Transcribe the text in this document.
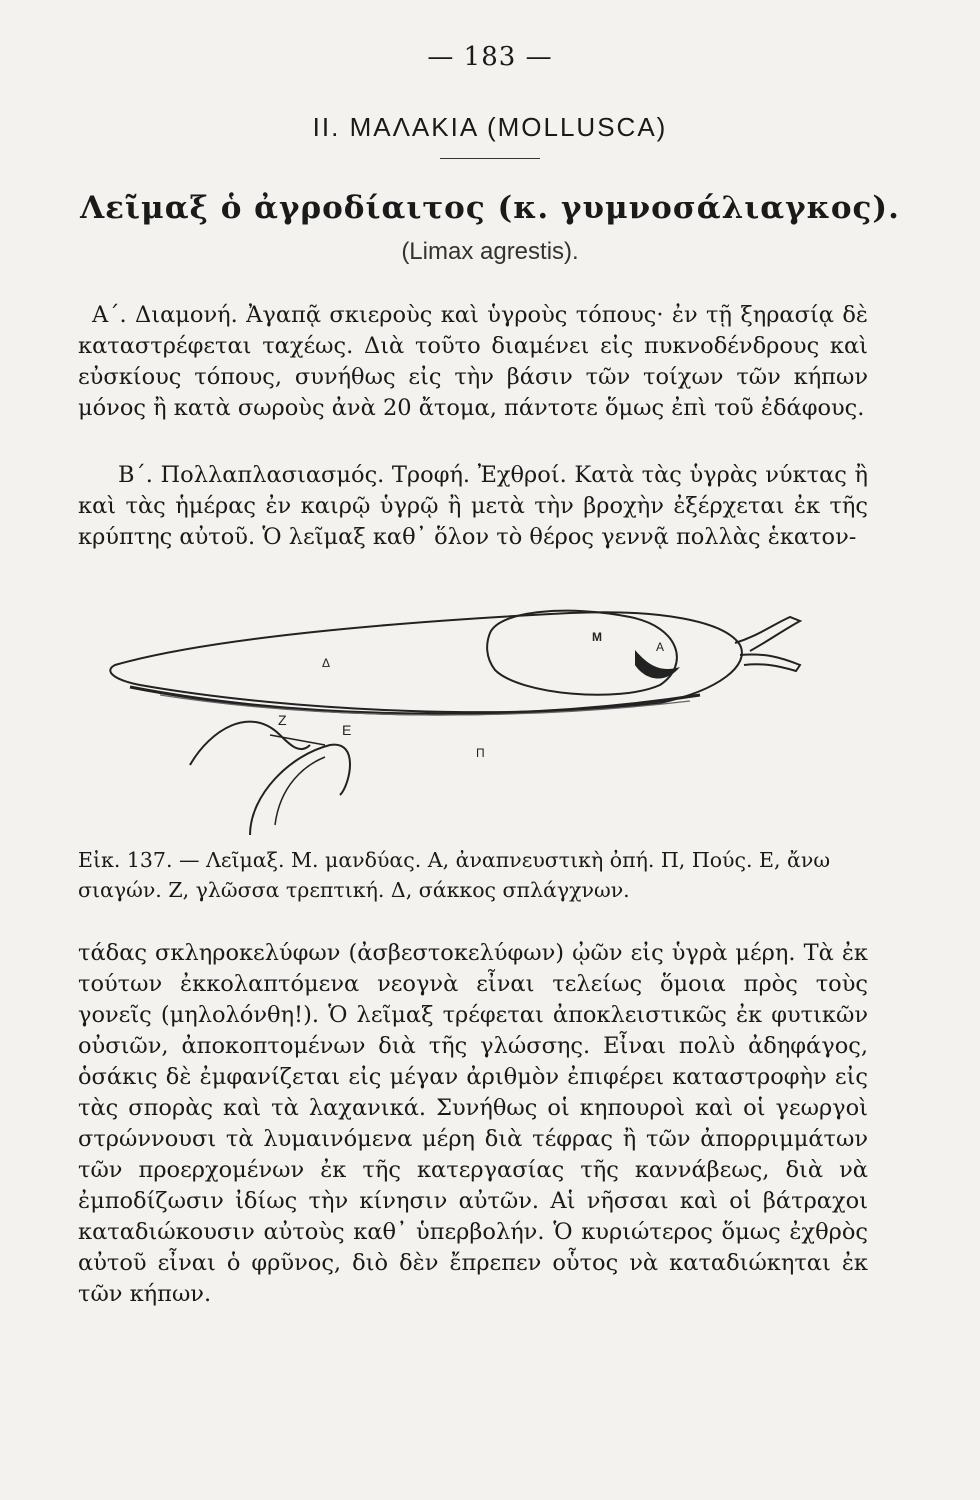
— 183 —
II. ΜΑΛΑΚΙΑ (MOLLUSCA)
Λεῖμαξ ὁ ἀγροδίαιτος (κ. γυμνοσάλιαγκος).
(Limax agrestis).
Α΄. Διαμονή. Ἀγαπᾷ σκιεροὺς καὶ ὑγροὺς τόπους· ἐν τῇ ξηρασίᾳ δὲ καταστρέφεται ταχέως. Διὰ τοῦτο διαμένει εἰς πυκνοδένδρους καὶ εὐσκίους τόπους, συνήθως εἰς τὴν βάσιν τῶν τοίχων τῶν κήπων μόνος ἢ κατὰ σωροὺς ἀνὰ 20 ἄτομα, πάντοτε ὅμως ἐπὶ τοῦ ἐδάφους.
Β΄. Πολλαπλασιασμός. Τροφή. Ἐχθροί. Κατὰ τὰς ὑγρὰς νύκτας ἢ καὶ τὰς ἡμέρας ἐν καιρῷ ὑγρῷ ἢ μετὰ τὴν βροχὴν ἐξέρχεται ἐκ τῆς κρύπτης αὐτοῦ. Ὁ λεῖμαξ καθ᾿ ὅλον τὸ θέρος γεννᾷ πολλὰς ἑκατον-
Δ
Μ
Α
Ζ
Ε
Π
Εἰκ. 137. — Λεῖμαξ. Μ. μανδύας. Α, ἀναπνευστικὴ ὀπή. Π, Πούς. Ε, ἄνω σιαγών. Ζ, γλῶσσα τρεπτική. Δ, σάκκος σπλάγχνων.
τάδας σκληροκελύφων (ἀσβεστοκελύφων) ᾠῶν εἰς ὑγρὰ μέρη. Τὰ ἐκ τούτων ἐκκολαπτόμενα νεογνὰ εἶναι τελείως ὅμοια πρὸς τοὺς γονεῖς (μηλολόνθη!). Ὁ λεῖμαξ τρέφεται ἀποκλειστικῶς ἐκ φυτικῶν οὐσιῶν, ἀποκοπτομένων διὰ τῆς γλώσσης. Εἶναι πολὺ ἀδηφάγος, ὁσάκις δὲ ἐμφανίζεται εἰς μέγαν ἀριθμὸν ἐπιφέρει καταστροφὴν εἰς τὰς σπορὰς καὶ τὰ λαχανικά. Συνήθως οἱ κηπουροὶ καὶ οἱ γεωργοὶ στρώννουσι τὰ λυμαινόμενα μέρη διὰ τέφρας ἢ τῶν ἀπορριμμάτων τῶν προερχομένων ἐκ τῆς κατεργασίας τῆς καννάβεως, διὰ νὰ ἐμποδίζωσιν ἰδίως τὴν κίνησιν αὐτῶν. Αἱ νῆσσαι καὶ οἱ βάτραχοι καταδιώκουσιν αὐτοὺς καθ᾿ ὑπερβολήν. Ὁ κυριώτερος ὅμως ἐχθρὸς αὐτοῦ εἶναι ὁ φρῦνος, διὸ δὲν ἔπρεπεν οὗτος νὰ καταδιώκηται ἐκ τῶν κήπων.
